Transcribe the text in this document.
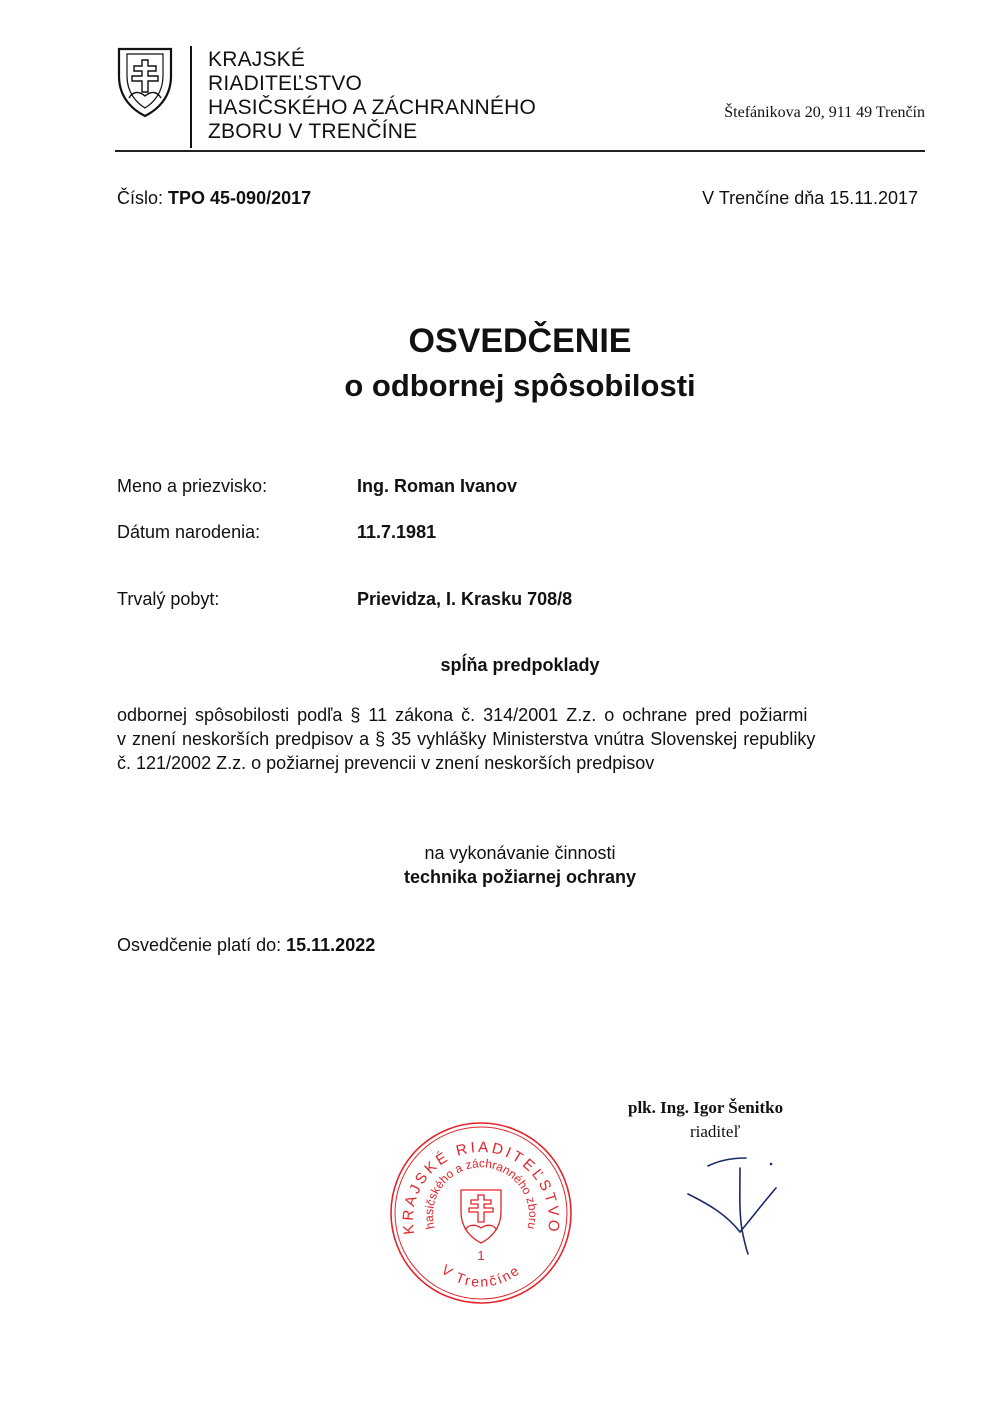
KRAJSKÉ
RIADITEĽSTVO
HASIČSKÉHO A ZÁCHRANNÉHO
ZBORU V TRENČÍNE
Štefánikova 20, 911 49 Trenčín
Číslo: TPO 45-090/2017	V Trenčíne dňa 15.11.2017
OSVEDČENIE
o odbornej spôsobilosti
Meno a priezvisko:	Ing. Roman Ivanov
Dátum narodenia:	11.7.1981
Trvalý pobyt:	Prievidza, I. Krasku 708/8
spĺňa predpoklady
odbornej spôsobilosti podľa § 11 zákona č. 314/2001 Z.z. o ochrane pred požiarmi
v znení neskorších predpisov a § 35 vyhlášky Ministerstva vnútra Slovenskej republiky
č. 121/2002 Z.z. o požiarnej prevencii v znení neskorších predpisov
na vykonávanie činnosti
technika požiarnej ochrany
Osvedčenie platí do: 15.11.2022
plk. Ing. Igor Šenitko
riaditeľ
KRAJSKÉ RIADITEĽSTVO
hasičského a záchranného zboru
V Trenčíne
1
